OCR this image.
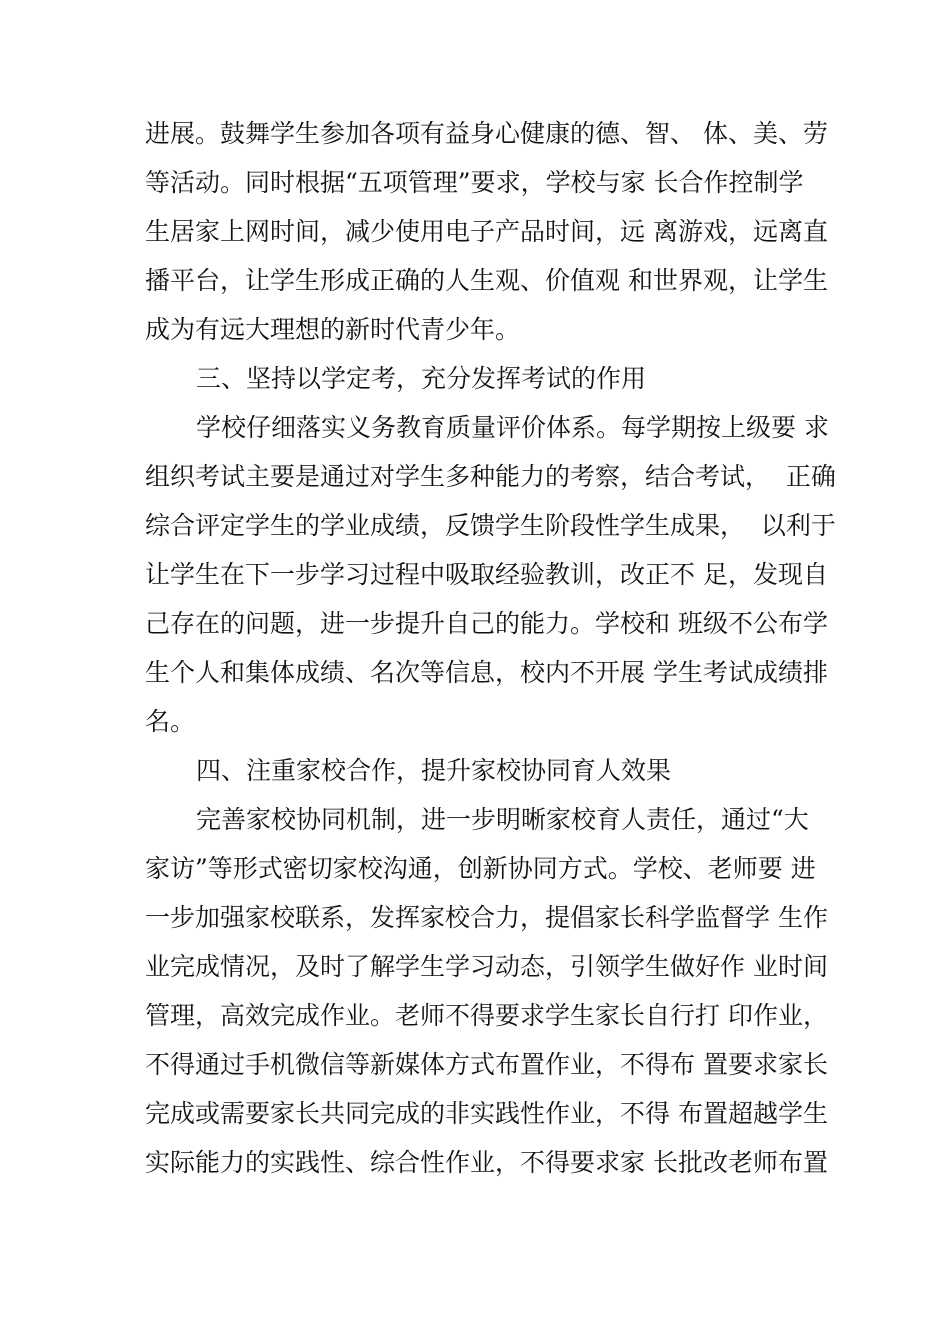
进展。鼓舞学生参加各项有益身心健康的德、智、 体、美、劳
等活动。同时根据“五项管理”要求，学校与家 长合作控制学
生居家上网时间，减少使用电子产品时间，远 离游戏，远离直
播平台，让学生形成正确的人生观、价值观 和世界观，让学生
成为有远大理想的新时代青少年。
三、坚持以学定考，充分发挥考试的作用
学校仔细落实义务教育质量评价体系。每学期按上级要 求
组织考试主要是通过对学生多种能力的考察，结合考试，  正确
综合评定学生的学业成绩，反馈学生阶段性学生成果，  以利于
让学生在下一步学习过程中吸取经验教训，改正不 足，发现自
己存在的问题，进一步提升自己的能力。学校和 班级不公布学
生个人和集体成绩、名次等信息，校内不开展 学生考试成绩排
名。
四、注重家校合作，提升家校协同育人效果
完善家校协同机制，进一步明晰家校育人责任，通过“大
家访”等形式密切家校沟通，创新协同方式。学校、老师要 进
一步加强家校联系，发挥家校合力，提倡家长科学监督学 生作
业完成情况，及时了解学生学习动态，引领学生做好作 业时间
管理，高效完成作业。老师不得要求学生家长自行打 印作业，
不得通过手机微信等新媒体方式布置作业，不得布 置要求家长
完成或需要家长共同完成的非实践性作业，不得 布置超越学生
实际能力的实践性、综合性作业，不得要求家 长批改老师布置
